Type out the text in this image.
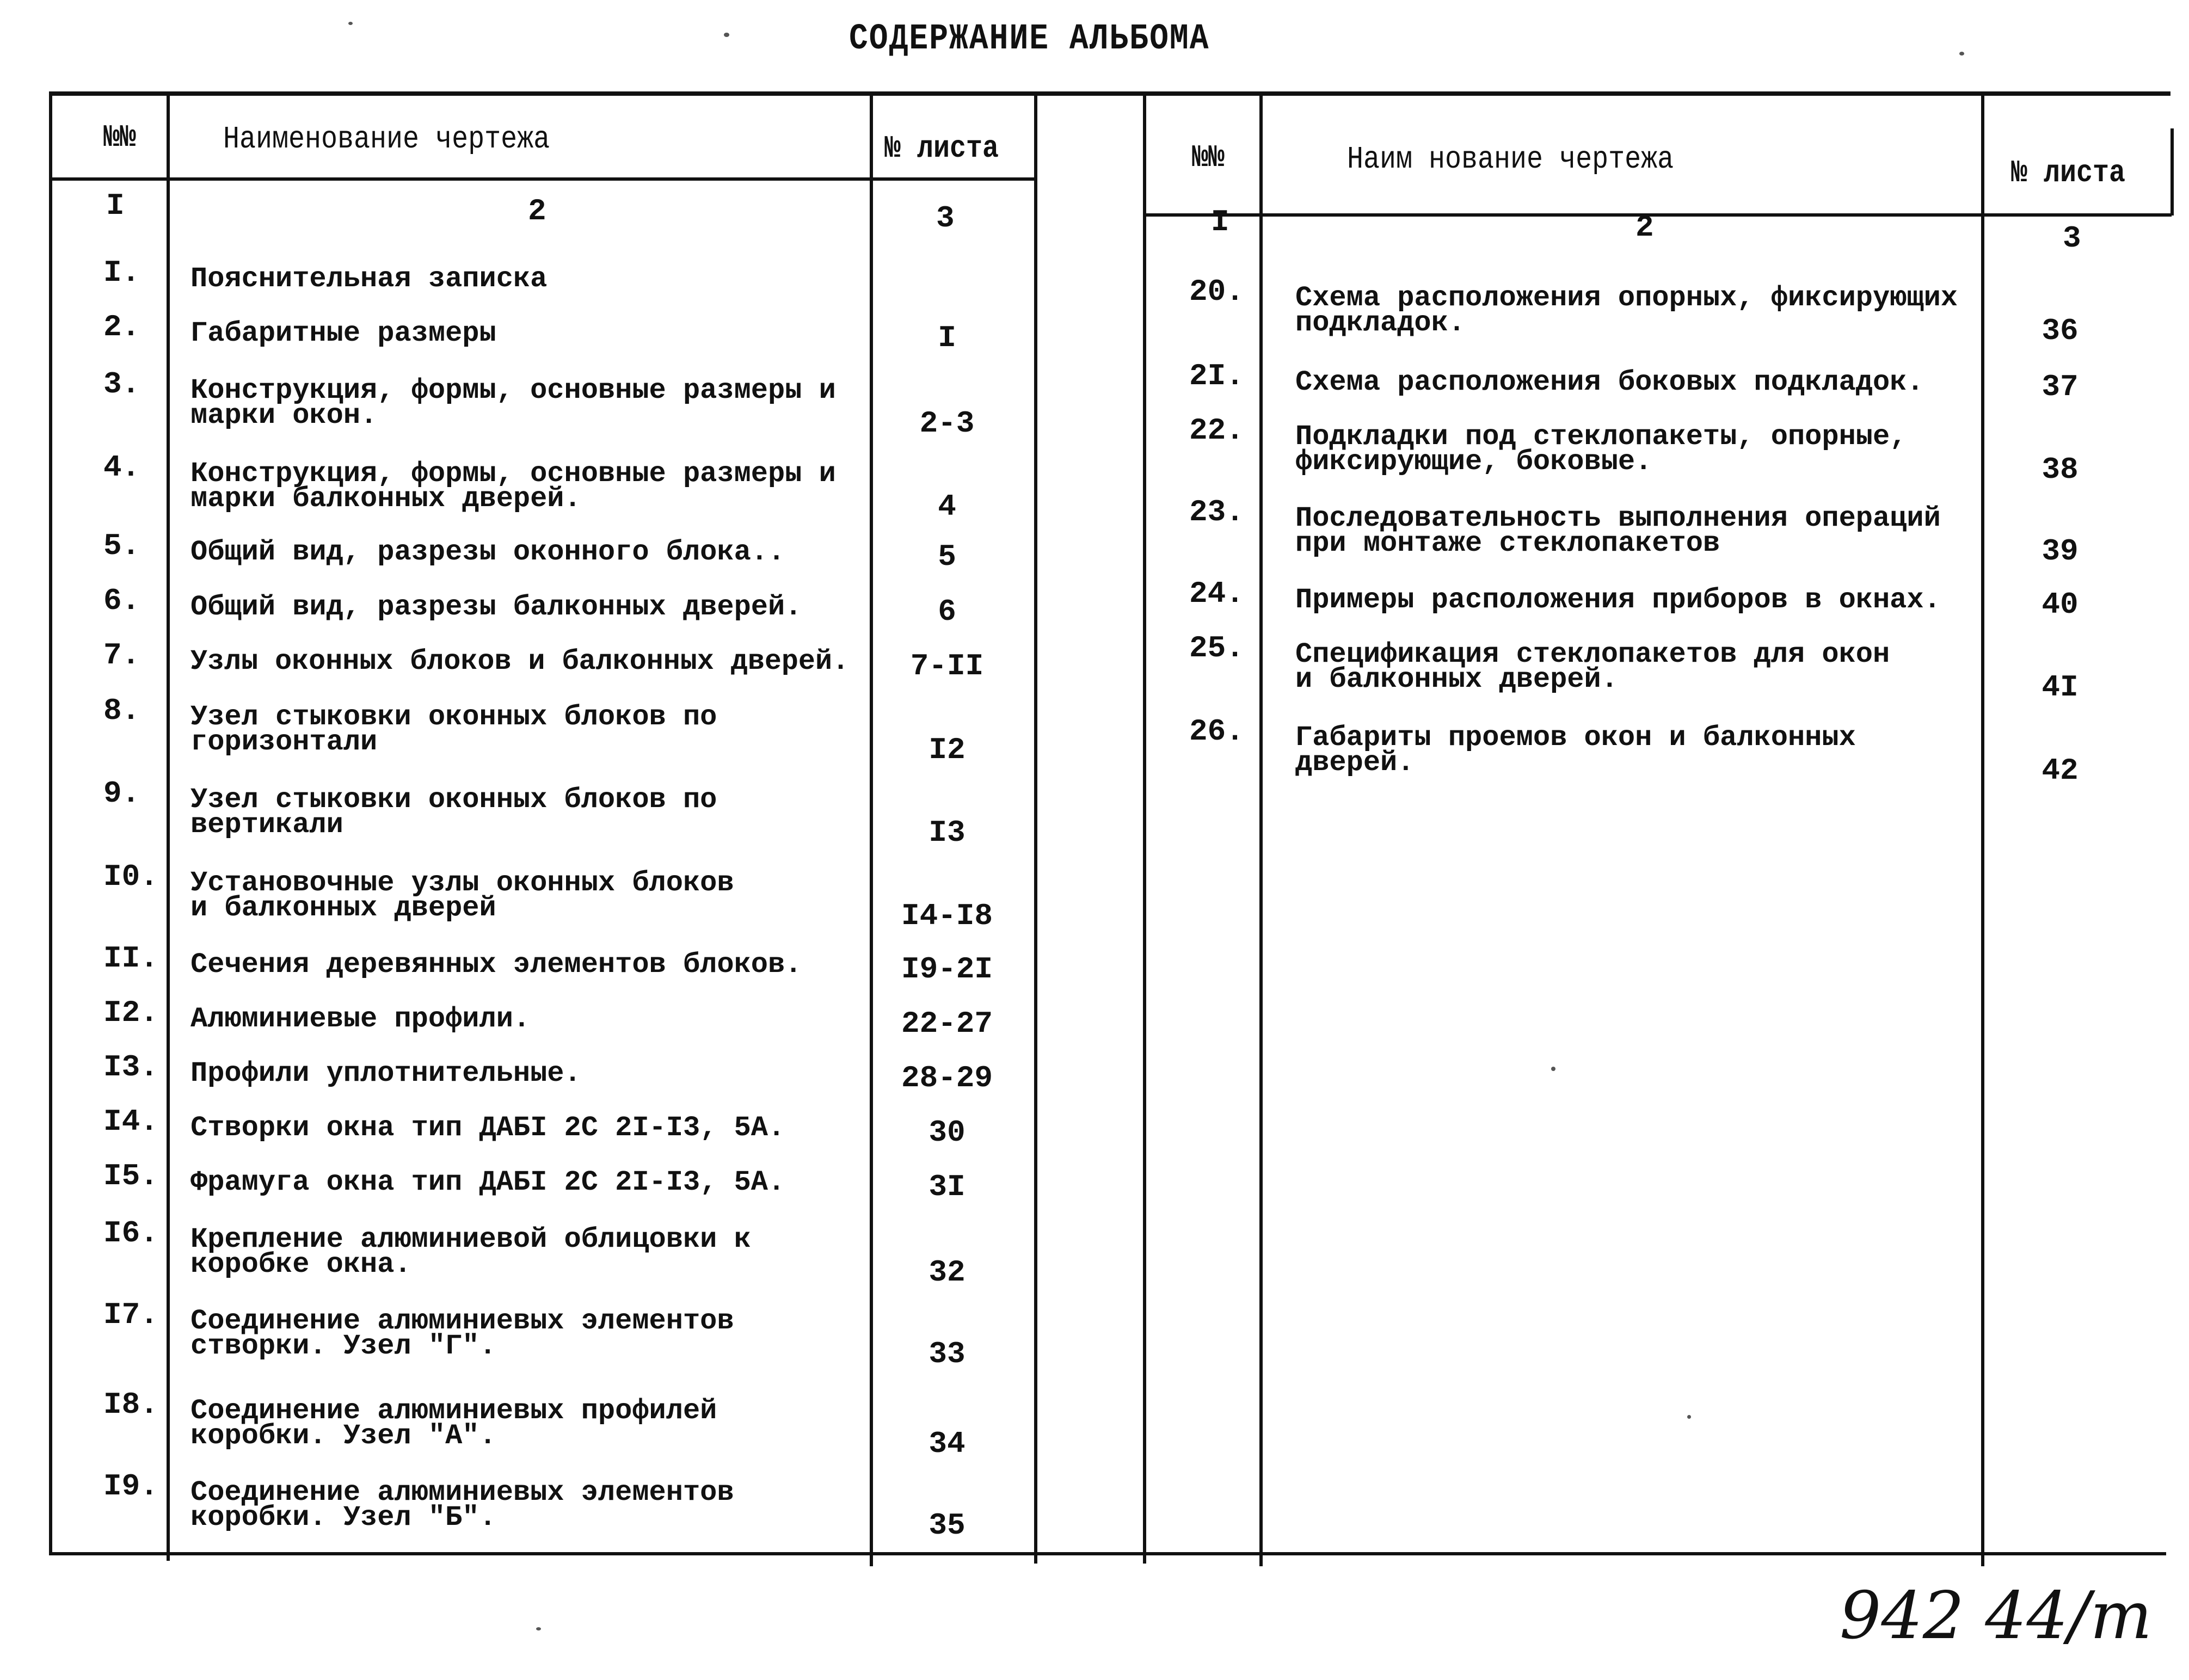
СОДЕРЖАНИЕ АЛЬБОМА
№№	Наименование чертежа	№ листа	№№	Наим нование чертежа	№ листа
I	2	3	I	2	3
I. Пояснительная записка
2. Габаритные размеры	I
3. Конструкция, формы, основные размеры и
марки окон.	2-3
4. Конструкция, формы, основные размеры и
марки балконных дверей.	4
5. Общий вид, разрезы оконного блока..	5
6. Общий вид, разрезы балконных дверей.	6
7. Узлы оконных блоков и балконных дверей.	7-II
8. Узел стыковки оконных блоков по
горизонтали	I2
9. Узел стыковки оконных блоков по
вертикали	I3
I0. Установочные узлы оконных блоков
и балконных дверей	I4-I8
II. Сечения деревянных элементов блоков.	I9-2I
I2. Алюминиевые профили.	22-27
I3. Профили уплотнительные.	28-29
I4. Створки окна тип ДАБI 2С 2I-I3, 5А.	30
I5. Фрамуга окна тип ДАБI 2С 2I-I3, 5А.	3I
I6. Крепление алюминиевой облицовки к
коробке окна.	32
I7. Соединение алюминиевых элементов
створки. Узел "Г".	33
I8. Соединение алюминиевых профилей
коробки. Узел "А".	34
I9. Соединение алюминиевых элементов
коробки. Узел "Б".	35
20. Схема расположения опорных, фиксирующих
подкладок.	36
2I. Схема расположения боковых подкладок.	37
22. Подкладки под стеклопакеты, опорные,
фиксирующие, боковые.	38
23. Последовательность выполнения операций
при монтаже стеклопакетов	39
24. Примеры расположения приборов в окнах.	40
25. Спецификация стеклопакетов для окон
и балконных дверей.	4I
26. Габариты проемов окон и балконных
дверей.	42
942 44/т
